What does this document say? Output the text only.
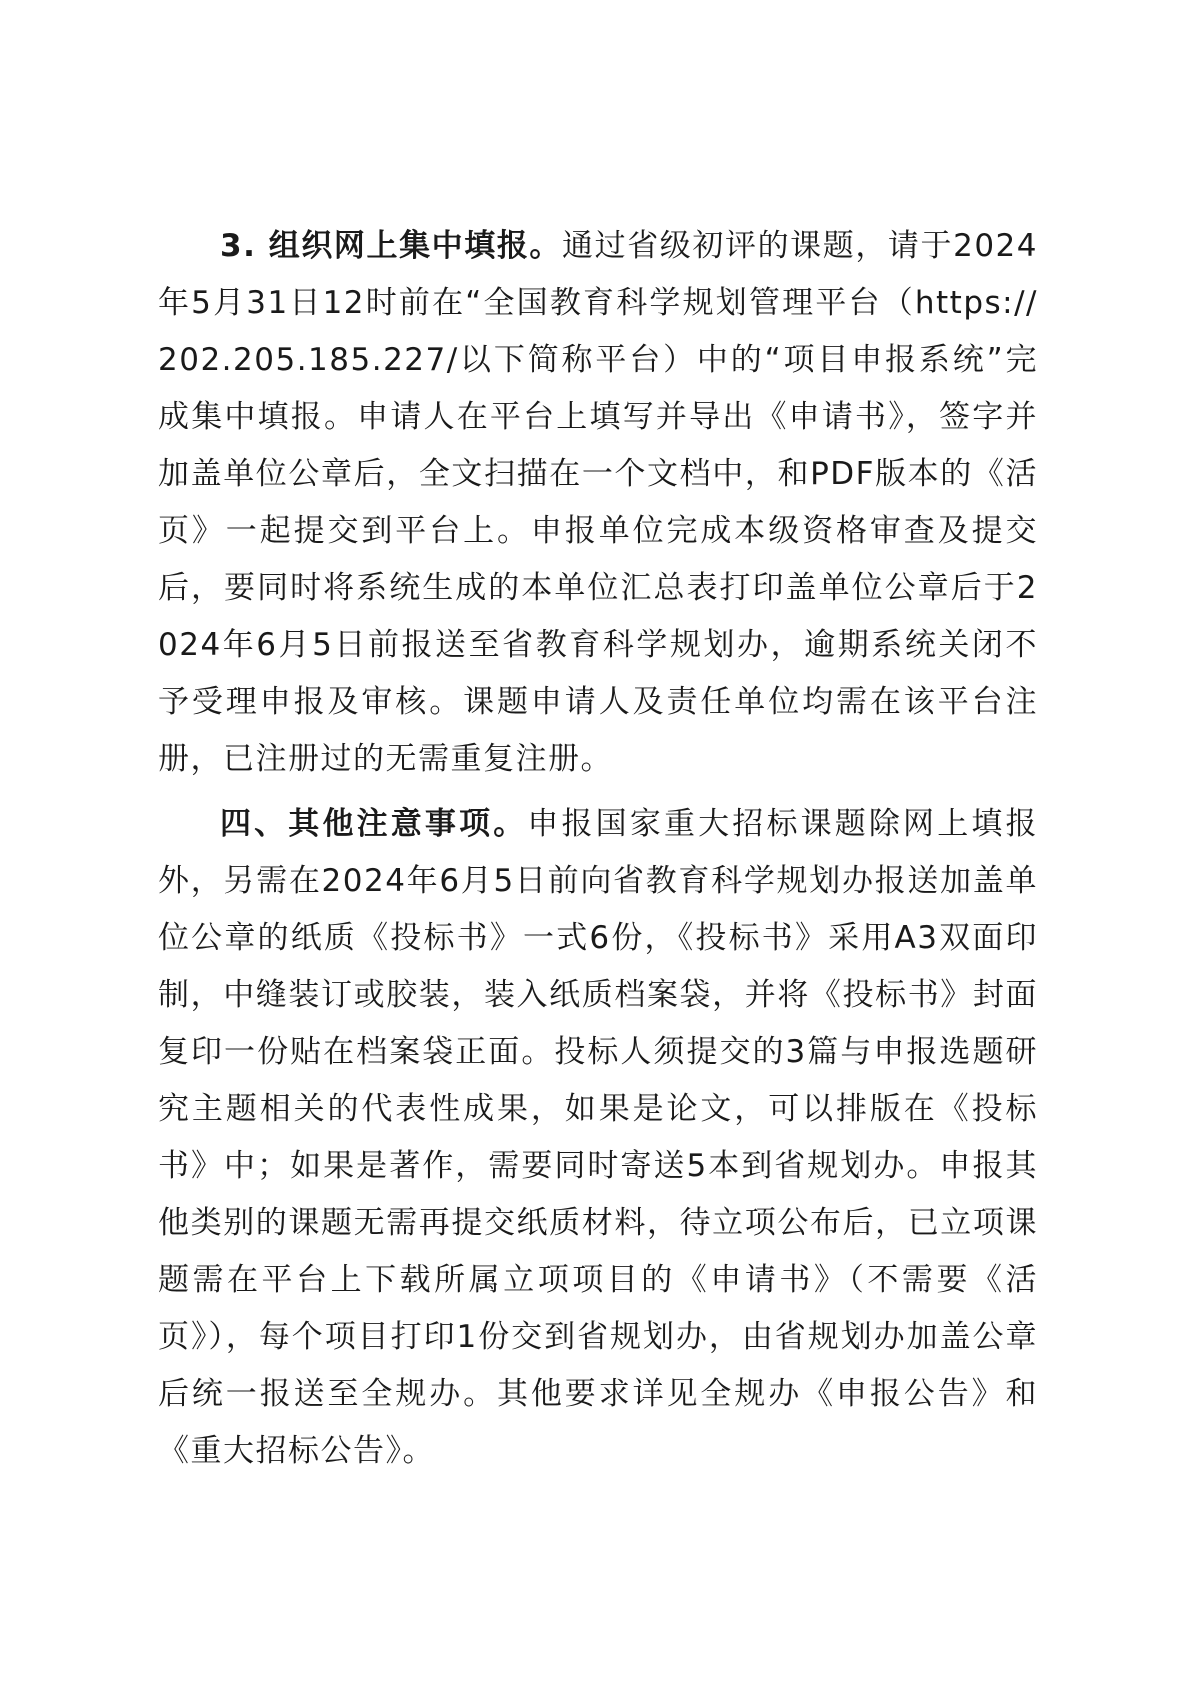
3. 组织网上集中填报。通过省级初评的课题，请于2024年5月31日12时前在“全国教育科学规划管理平台（https://202.205.185.227/以下简称平台）中的“项目申报系统”完成集中填报。申请人在平台上填写并导出《申请书》，签字并加盖单位公章后，全文扫描在一个文档中，和PDF版本的《活页》一起提交到平台上。申报单位完成本级资格审查及提交后，要同时将系统生成的本单位汇总表打印盖单位公章后于2024年6月5日前报送至省教育科学规划办，逾期系统关闭不予受理申报及审核。课题申请人及责任单位均需在该平台注册，已注册过的无需重复注册。

四、其他注意事项。申报国家重大招标课题除网上填报外，另需在2024年6月5日前向省教育科学规划办报送加盖单位公章的纸质《投标书》一式6份，《投标书》采用A3双面印制，中缝装订或胶装，装入纸质档案袋，并将《投标书》封面复印一份贴在档案袋正面。投标人须提交的3篇与申报选题研究主题相关的代表性成果，如果是论文，可以排版在《投标书》中；如果是著作，需要同时寄送5本到省规划办。申报其他类别的课题无需再提交纸质材料，待立项公布后，已立项课题需在平台上下载所属立项项目的《申请书》（不需要《活页》），每个项目打印1份交到省规划办，由省规划办加盖公章后统一报送至全规办。其他要求详见全规办《申报公告》和《重大招标公告》。
